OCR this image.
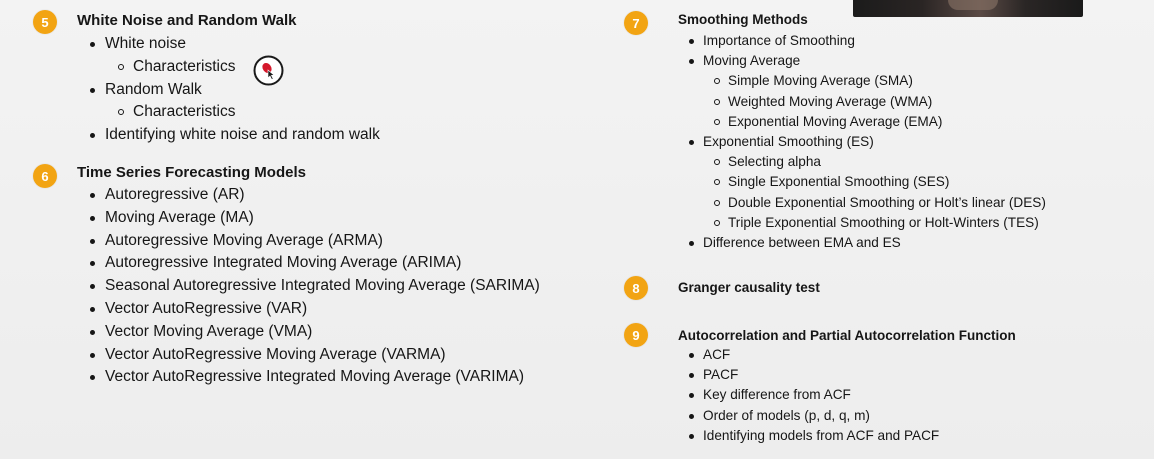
5	White Noise and Random Walk
White noise
Characteristics
Random Walk
Characteristics
Identifying white noise and random walk
6	Time Series Forecasting Models
Autoregressive (AR)
Moving Average (MA)
Autoregressive Moving Average (ARMA)
Autoregressive Integrated Moving Average (ARIMA)
Seasonal Autoregressive Integrated Moving Average (SARIMA)
Vector AutoRegressive (VAR)
Vector Moving Average (VMA)
Vector AutoRegressive Moving Average (VARMA)
Vector AutoRegressive Integrated Moving Average (VARIMA)
7	Smoothing Methods
Importance of Smoothing
Moving Average
Simple Moving Average (SMA)
Weighted Moving Average (WMA)
Exponential Moving Average (EMA)
Exponential Smoothing (ES)
Selecting alpha
Single Exponential Smoothing (SES)
Double Exponential Smoothing or Holt’s linear (DES)
Triple Exponential Smoothing or Holt-Winters (TES)
Difference between EMA and ES
8	Granger causality test
9	Autocorrelation and Partial Autocorrelation Function
ACF
PACF
Key difference from ACF
Order of models (p, d, q, m)
Identifying models from ACF and PACF
